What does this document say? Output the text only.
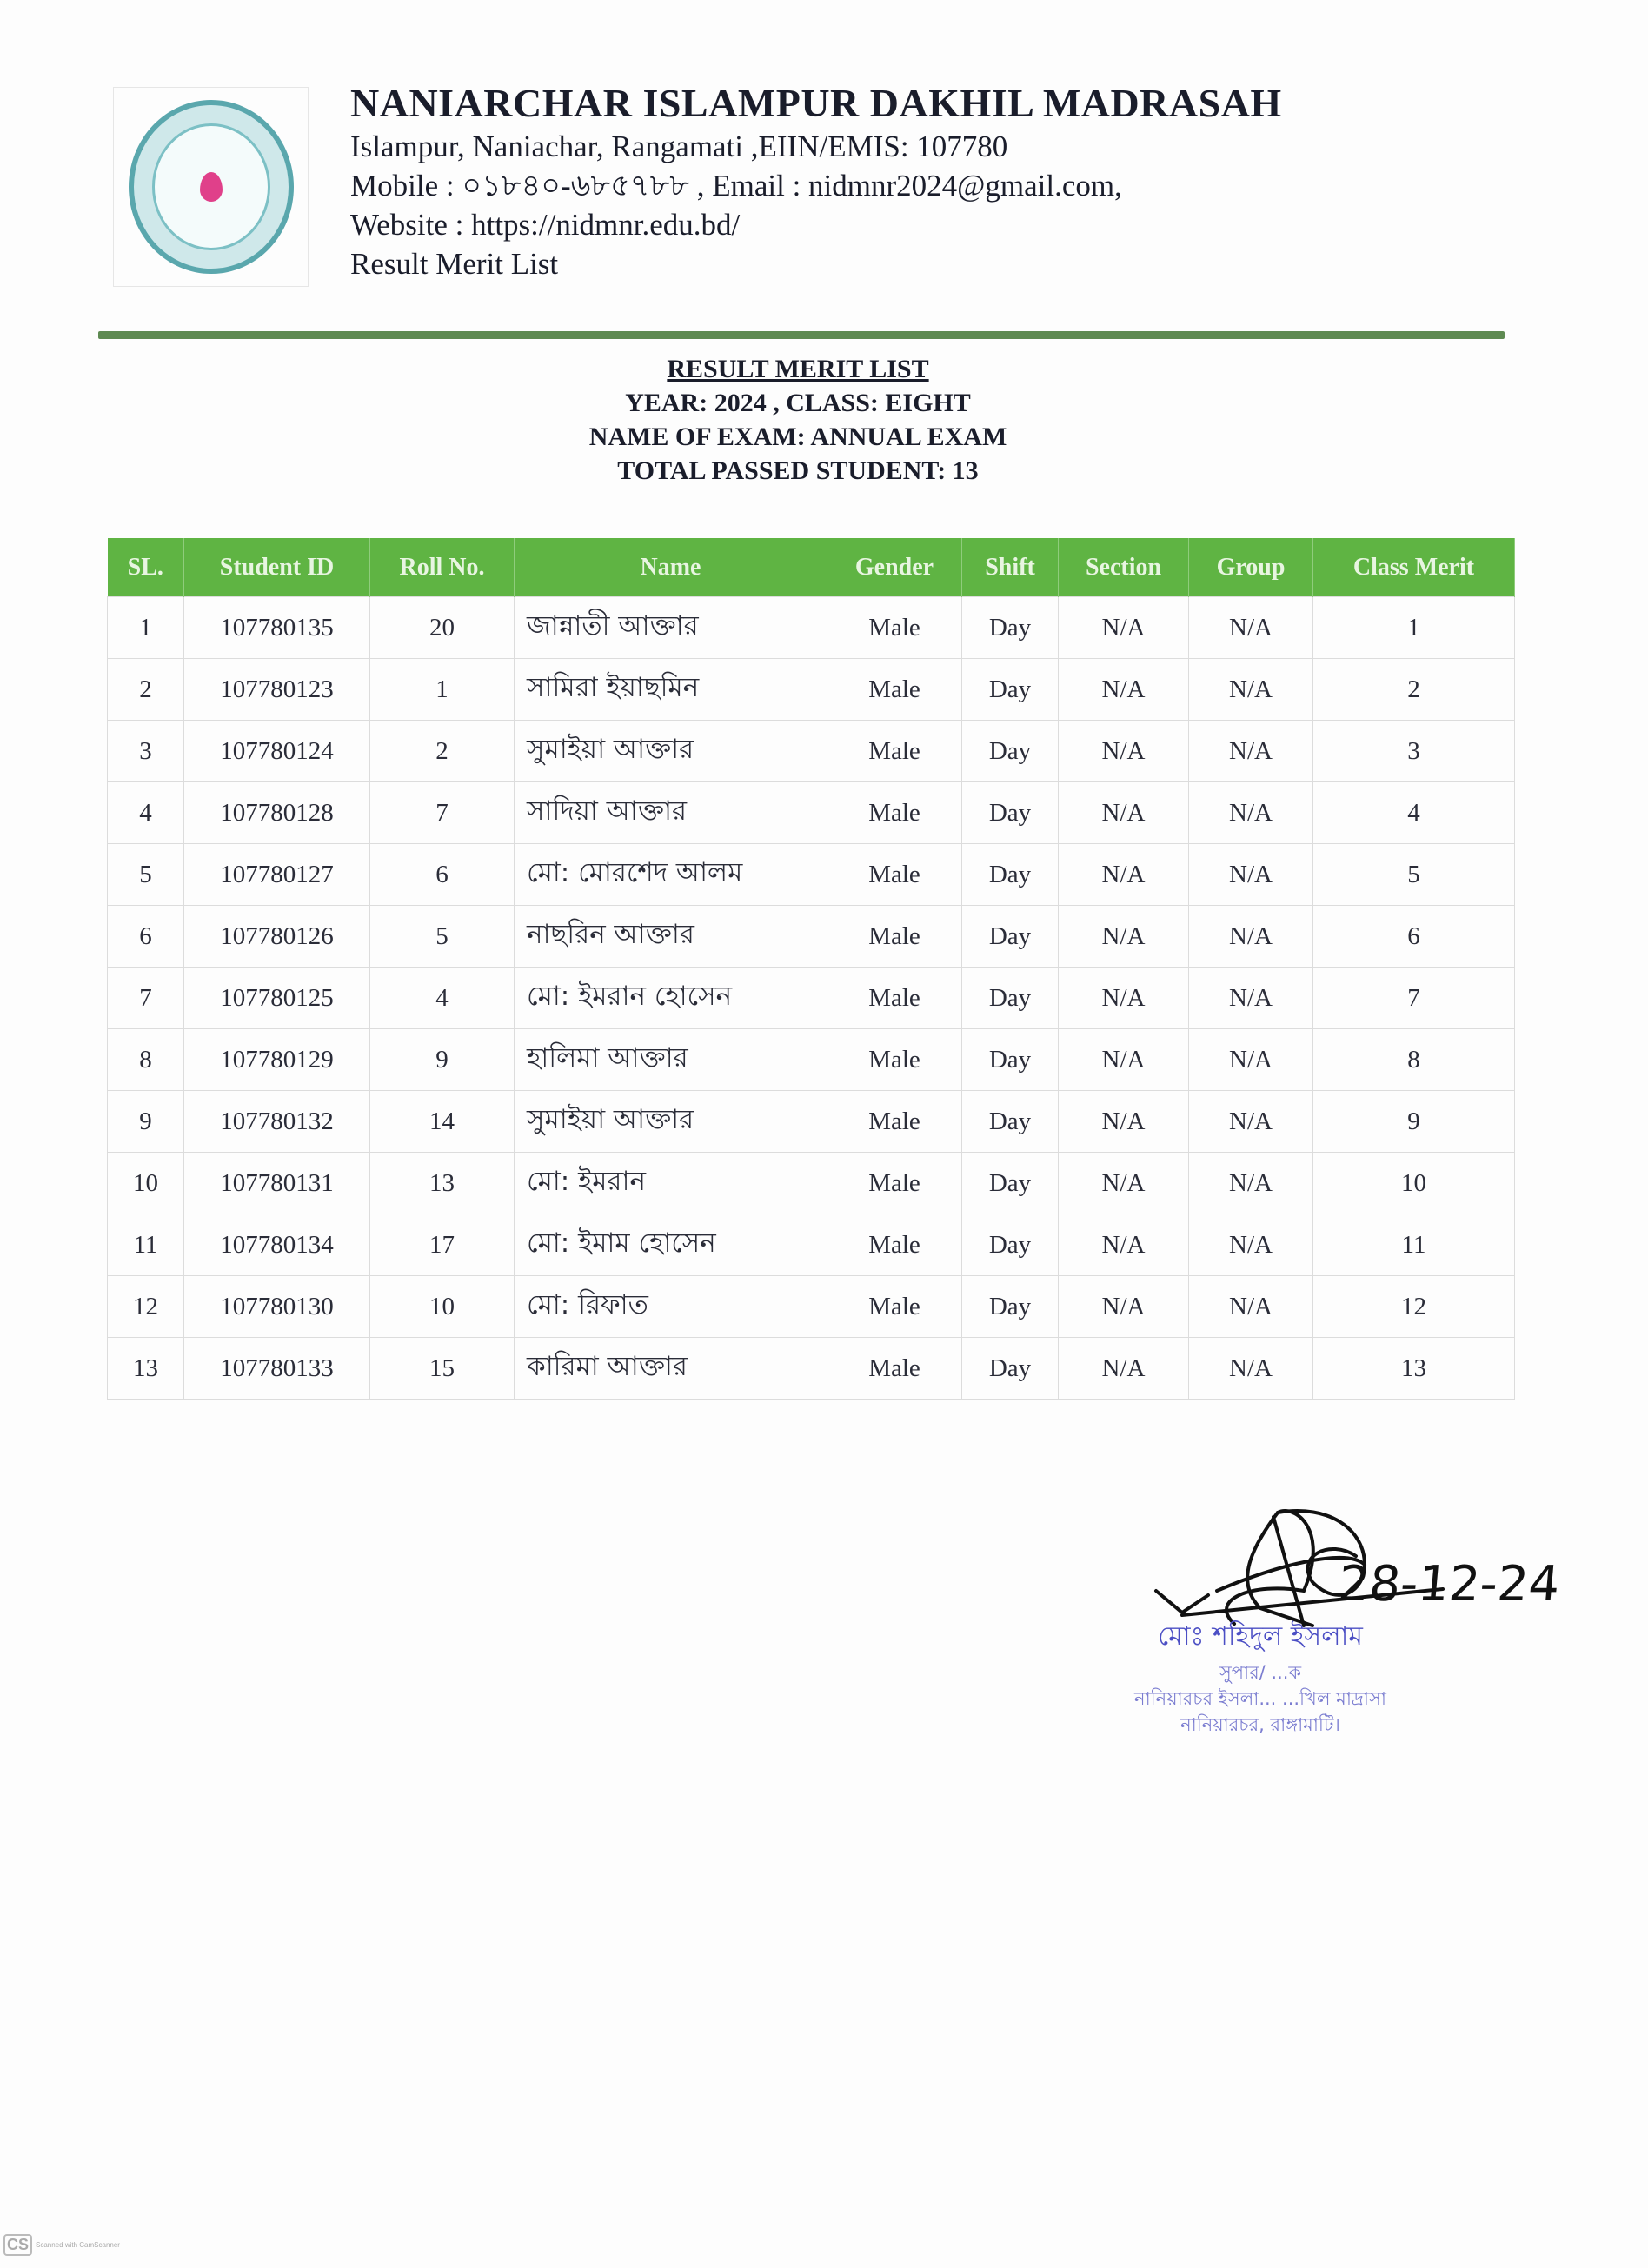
NANIARCHAR ISLAMPUR DAKHIL MADRASAH
Islampur, Naniachar, Rangamati ,EIIN/EMIS: 107780
Mobile : ০১৮৪০-৬৮৫৭৮৮ , Email : nidmnr2024@gmail.com,
Website : https://nidmnr.edu.bd/
Result Merit List
RESULT MERIT LIST
YEAR: 2024 , CLASS: EIGHT
NAME OF EXAM: ANNUAL EXAM
TOTAL PASSED STUDENT: 13
SL.	Student ID	Roll No.	Name	Gender	Shift	Section	Group	Class Merit
1	107780135	20	জান্নাতী আক্তার	Male	Day	N/A	N/A	1
2	107780123	1	সামিরা ইয়াছমিন	Male	Day	N/A	N/A	2
3	107780124	2	সুমাইয়া আক্তার	Male	Day	N/A	N/A	3
4	107780128	7	সাদিয়া আক্তার	Male	Day	N/A	N/A	4
5	107780127	6	মো: মোরশেদ আলম	Male	Day	N/A	N/A	5
6	107780126	5	নাছরিন আক্তার	Male	Day	N/A	N/A	6
7	107780125	4	মো: ইমরান হোসেন	Male	Day	N/A	N/A	7
8	107780129	9	হালিমা আক্তার	Male	Day	N/A	N/A	8
9	107780132	14	সুমাইয়া আক্তার	Male	Day	N/A	N/A	9
10	107780131	13	মো: ইমরান	Male	Day	N/A	N/A	10
11	107780134	17	মো: ইমাম হোসেন	Male	Day	N/A	N/A	11
12	107780130	10	মো: রিফাত	Male	Day	N/A	N/A	12
13	107780133	15	কারিমা আক্তার	Male	Day	N/A	N/A	13
28-12-24
মোঃ শহিদুল ইসলাম
সুপার/ ...ক
নানিয়ারচর ইসলা... ...খিল মাদ্রাসা
নানিয়ারচর, রাঙ্গামাটি।
CS	Scanned with CamScanner
